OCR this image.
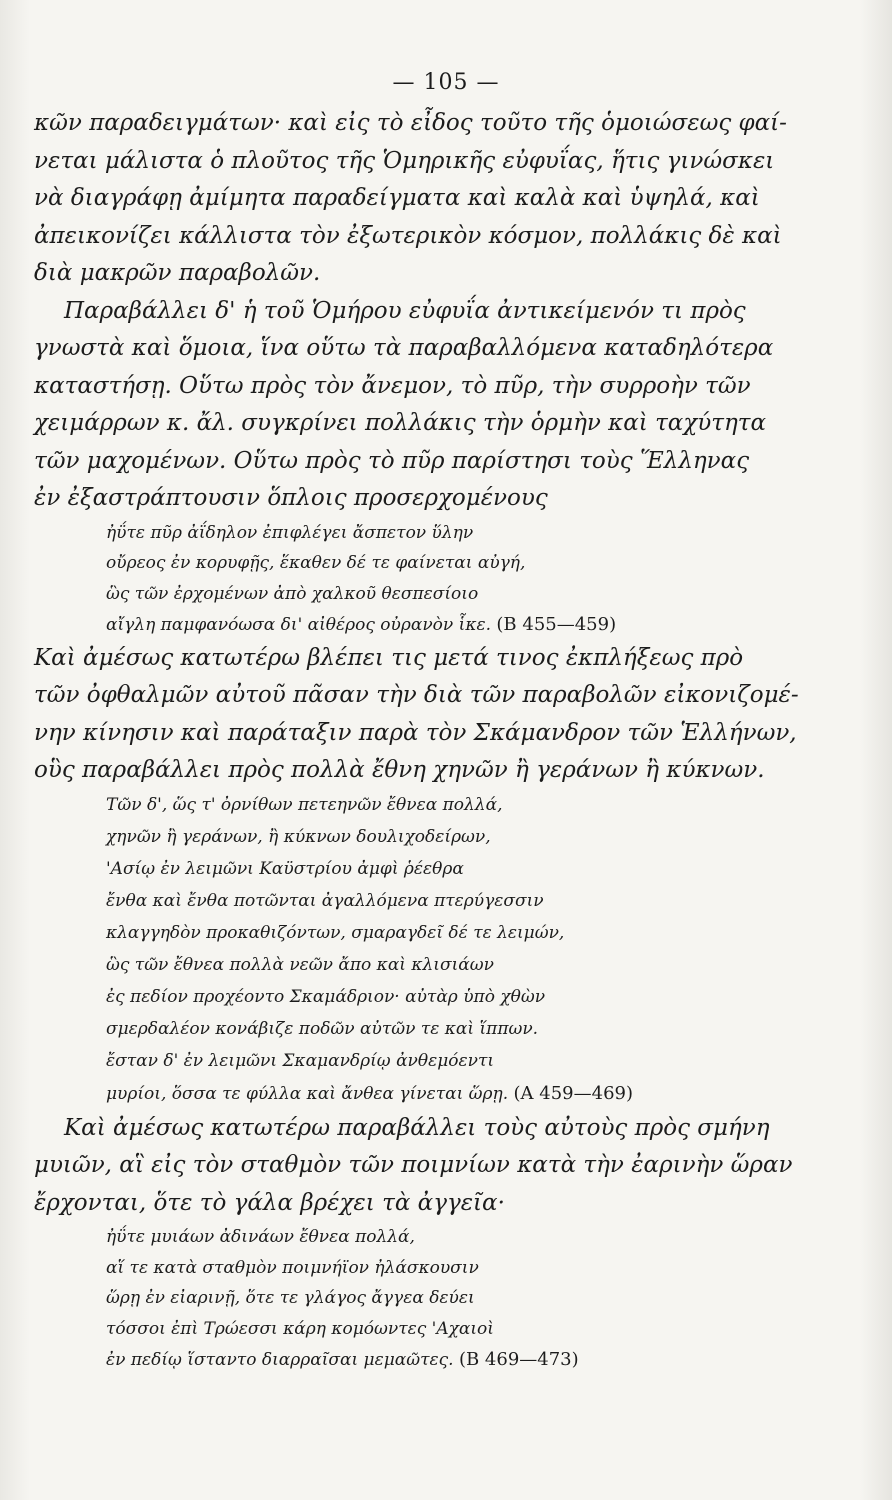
— 105 —
κῶν παραδειγμάτων· καὶ εἰς τὸ εἶδος τοῦτο τῆς ὁμοιώσεως φαί-
νεται μάλιστα ὁ πλοῦτος τῆς Ὁμηρικῆς εὐφυΐας, ἥτις γινώσκει
νὰ διαγράφῃ ἀμίμητα παραδείγματα καὶ καλὰ καὶ ὑψηλά, καὶ
ἀπεικονίζει κάλλιστα τὸν ἐξωτερικὸν κόσμον, πολλάκις δὲ καὶ
διὰ μακρῶν παραβολῶν.
Παραβάλλει δ' ἡ τοῦ Ὁμήρου εὐφυΐα ἀντικείμενόν τι πρὸς
γνωστὰ καὶ ὅμοια, ἵνα οὕτω τὰ παραβαλλόμενα καταδηλότερα
καταστήσῃ. Οὕτω πρὸς τὸν ἄνεμον, τὸ πῦρ, τὴν συρροὴν τῶν
χειμάρρων κ. ἄλ. συγκρίνει πολλάκις τὴν ὁρμὴν καὶ ταχύτητα
τῶν μαχομένων. Οὕτω πρὸς τὸ πῦρ παρίστησι τοὺς Ἕλληνας
ἐν ἐξαστράπτουσιν ὅπλοις προσερχομένους
ἠΰτε πῦρ ἀΐδηλον ἐπιφλέγει ἄσπετον ὕλην
οὔρεος ἐν κορυφῇς, ἕκαθεν δέ τε φαίνεται αὐγή,
ὣς τῶν ἐρχομένων ἀπὸ χαλκοῦ θεσπεσίοιο
αἴγλη παμφανόωσα δι' αἰθέρος οὐρανὸν ἷκε. (Β 455—459)
Καὶ ἀμέσως κατωτέρω βλέπει τις μετά τινος ἐκπλήξεως πρὸ
τῶν ὀφθαλμῶν αὐτοῦ πᾶσαν τὴν διὰ τῶν παραβολῶν εἰκονιζομέ-
νην κίνησιν καὶ παράταξιν παρὰ τὸν Σκάμανδρον τῶν Ἑλλήνων,
οὓς παραβάλλει πρὸς πολλὰ ἔθνη χηνῶν ἢ γεράνων ἢ κύκνων.
Τῶν δ', ὥς τ' ὀρνίθων πετεηνῶν ἔθνεα πολλά,
χηνῶν ἢ γεράνων, ἢ κύκνων δουλιχοδείρων,
'Ασίῳ ἐν λειμῶνι Καϋστρίου ἀμφὶ ῥέεθρα
ἔνθα καὶ ἔνθα ποτῶνται ἀγαλλόμενα πτερύγεσσιν
κλαγγηδὸν προκαθιζόντων, σμαραγδεῖ δέ τε λειμών,
ὣς τῶν ἔθνεα πολλὰ νεῶν ἄπο καὶ κλισιάων
ἐς πεδίον προχέοντο Σκαμάδριον· αὐτὰρ ὑπὸ χθὼν
σμερδαλέον κονάβιζε ποδῶν αὐτῶν τε καὶ ἵππων.
ἔσταν δ' ἐν λειμῶνι Σκαμανδρίῳ ἀνθεμόεντι
μυρίοι, ὅσσα τε φύλλα καὶ ἄνθεα γίνεται ὥρῃ. (Α 459—469)
Καὶ ἀμέσως κατωτέρω παραβάλλει τοὺς αὐτοὺς πρὸς σμήνη
μυιῶν, αἳ εἰς τὸν σταθμὸν τῶν ποιμνίων κατὰ τὴν ἐαρινὴν ὥραν
ἔρχονται, ὅτε τὸ γάλα βρέχει τὰ ἀγγεῖα·
ἠΰτε μυιάων ἀδινάων ἔθνεα πολλά,
αἵ τε κατὰ σταθμὸν ποιμνήϊον ἠλάσκουσιν
ὥρῃ ἐν εἰαρινῇ, ὅτε τε γλάγος ἄγγεα δεύει
τόσσοι ἐπὶ Τρώεσσι κάρη κομόωντες 'Αχαιοὶ
ἐν πεδίῳ ἵσταντο διαρραῖσαι μεμαῶτες. (Β 469—473)
